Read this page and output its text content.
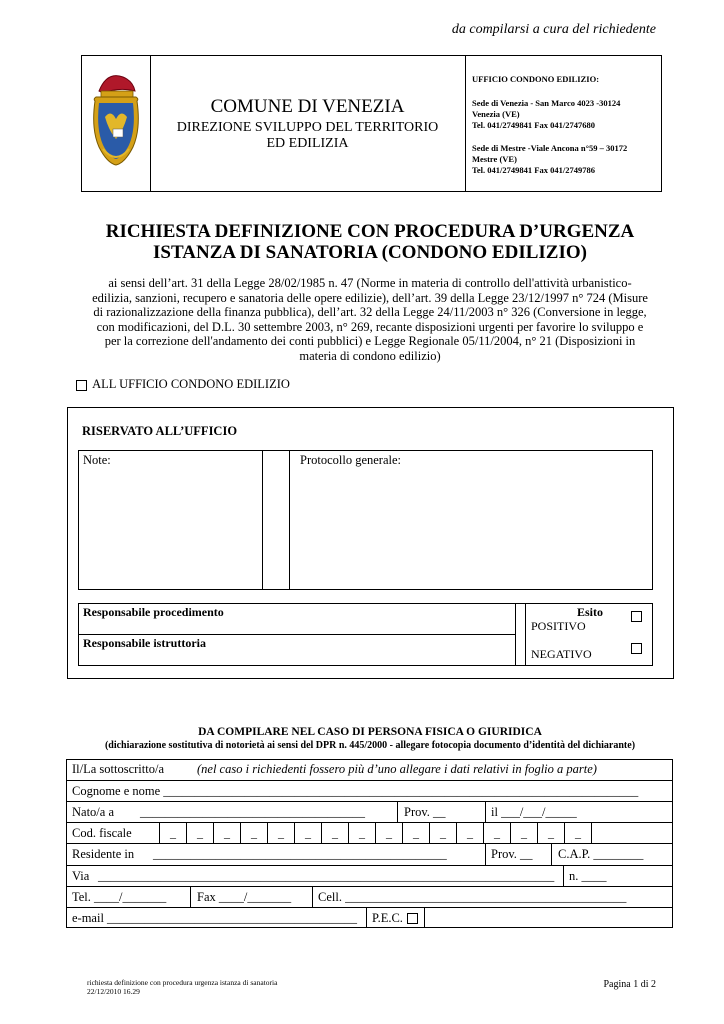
da compilarsi a cura del richiedente
COMUNE DI VENEZIA
DIREZIONE SVILUPPO DEL TERRITORIO ED EDILIZIA
UFFICIO CONDONO EDILIZIO:
Sede di Venezia - San Marco 4023 -30124
Venezia (VE)
Tel. 041/2749841 Fax 041/2747680
Sede di Mestre -Viale Ancona n°59 – 30172
Mestre (VE)
Tel. 041/2749841 Fax 041/2749786
RICHIESTA DEFINIZIONE CON PROCEDURA D’URGENZA
ISTANZA DI SANATORIA (CONDONO EDILIZIO)
ai sensi dell’art. 31 della Legge 28/02/1985 n. 47 (Norme in materia di controllo dell'attività urbanistico-edilizia, sanzioni, recupero e sanatoria delle opere edilizie), dell’art. 39 della Legge 23/12/1997 n° 724 (Misure di razionalizzazione della finanza pubblica), dell’art. 32 della Legge 24/11/2003 n° 326 (Conversione in legge, con modificazioni, del D.L. 30 settembre 2003, n° 269, recante disposizioni urgenti per favorire lo sviluppo e per la correzione dell'andamento dei conti pubblici) e Legge Regionale 05/11/2004, n° 21 (Disposizioni in materia di condono edilizio)
ALL UFFICIO CONDONO EDILIZIO
RISERVATO ALL’UFFICIO
Note:	Protocollo generale:
Responsabile procedimento
Responsabile istruttoria
Esito
POSITIVO
NEGATIVO
DA COMPILARE NEL CASO DI PERSONA FISICA O GIURIDICA
(dichiarazione sostitutiva di notorietà ai sensi del DPR n. 445/2000 - allegare fotocopia documento d’identità del dichiarante)
Il/La sottoscritto/a	(nel caso i richiedenti fossero più d’uno allegare i dati relativi in foglio a parte)
Cognome e nome ____________________________________________________________________________
Nato/a a ____________________________________	Prov. __	il ___/___/_____
Cod. fiscale	_	_	_	_	_	_	_	_	_	_	_	_	_	_	_	_
Residente in _______________________________________________	Prov. __ C.A.P. ________
Via _________________________________________________________________________ n. ____
Tel. ____/_______ Fax ____/_______ Cell. _____________________________________________
e-mail ________________________________________ P.E.C.
richiesta definizione con procedura urgenza istanza di sanatoria
22/12/2010 16.29
Pagina 1 di 2
